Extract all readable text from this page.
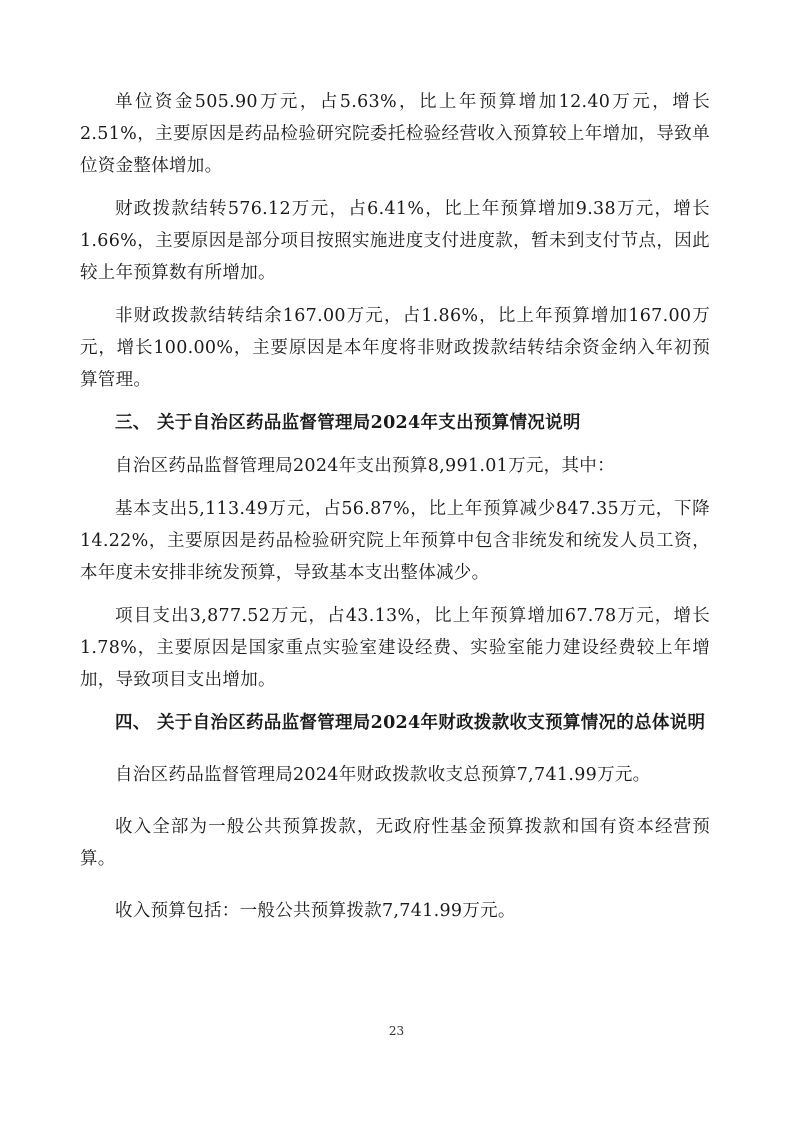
单位资金505.90万元，占5.63%，比上年预算增加12.40万元，增长2.51%，主要原因是药品检验研究院委托检验经营收入预算较上年增加，导致单位资金整体增加。

财政拨款结转576.12万元，占6.41%，比上年预算增加9.38万元，增长1.66%，主要原因是部分项目按照实施进度支付进度款，暂未到支付节点，因此较上年预算数有所增加。

非财政拨款结转结余167.00万元，占1.86%，比上年预算增加167.00万元，增长100.00%，主要原因是本年度将非财政拨款结转结余资金纳入年初预算管理。

三、 关于自治区药品监督管理局2024年支出预算情况说明

自治区药品监督管理局2024年支出预算8,991.01万元，其中：

基本支出5,113.49万元，占56.87%，比上年预算减少847.35万元，下降14.22%，主要原因是药品检验研究院上年预算中包含非统发和统发人员工资，本年度未安排非统发预算，导致基本支出整体减少。

项目支出3,877.52万元，占43.13%，比上年预算增加67.78万元，增长1.78%，主要原因是国家重点实验室建设经费、实验室能力建设经费较上年增加，导致项目支出增加。

四、 关于自治区药品监督管理局2024年财政拨款收支预算情况的总体说明

自治区药品监督管理局2024年财政拨款收支总预算7,741.99万元。

收入全部为一般公共预算拨款，无政府性基金预算拨款和国有资本经营预算。

收入预算包括：一般公共预算拨款7,741.99万元。

23
